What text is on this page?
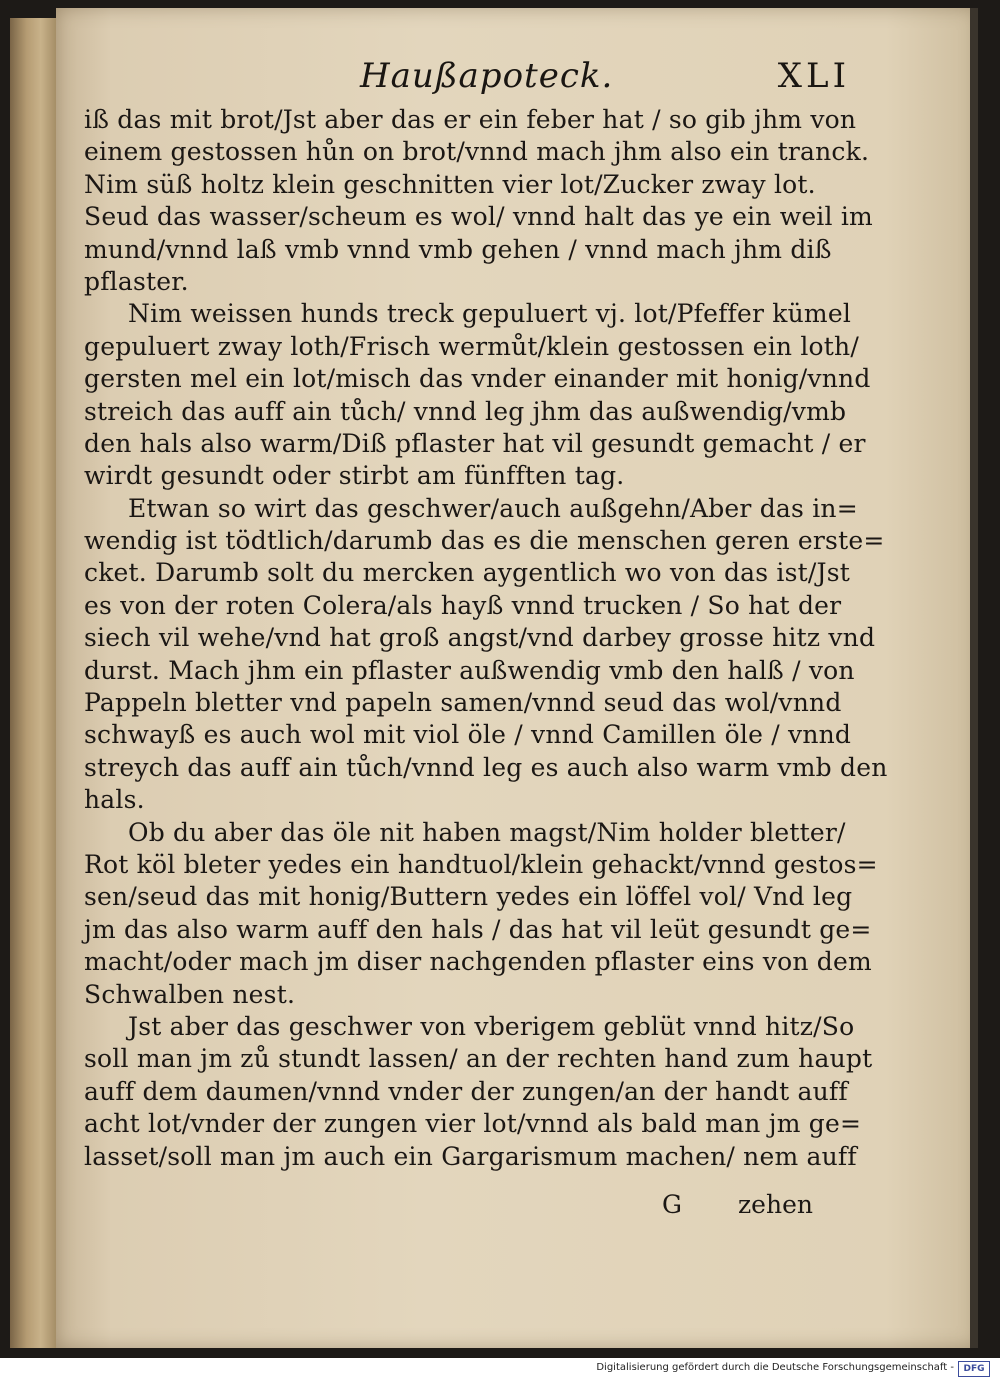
Haußapoteck.	XLI
iß das mit brot/Jst aber das er ein feber hat / so gib jhm von
einem gestossen hůn on brot/vnnd mach jhm also ein tranck.
Nim süß holtz klein geschnitten vier lot/Zucker zway lot.
Seud das wasser/scheum es wol/ vnnd halt das ye ein weil im
mund/vnnd laß vmb vnnd vmb gehen / vnnd mach jhm diß
pflaster.
Nim weissen hunds treck gepuluert vj. lot/Pfeffer kümel
gepuluert zway loth/Frisch wermůt/klein gestossen ein loth/
gersten mel ein lot/misch das vnder einander mit honig/vnnd
streich das auff ain tůch/ vnnd leg jhm das außwendig/vmb
den hals also warm/Diß pflaster hat vil gesundt gemacht / er
wirdt gesundt oder stirbt am fünfften tag.
Etwan so wirt das geschwer/auch außgehn/Aber das in=
wendig ist tödtlich/darumb das es die menschen geren erste=
cket. Darumb solt du mercken aygentlich wo von das ist/Jst
es von der roten Colera/als hayß vnnd trucken / So hat der
siech vil wehe/vnd hat groß angst/vnd darbey grosse hitz vnd
durst. Mach jhm ein pflaster außwendig vmb den halß / von
Pappeln bletter vnd papeln samen/vnnd seud das wol/vnnd
schwayß es auch wol mit viol öle / vnnd Camillen öle / vnnd
streych das auff ain tůch/vnnd leg es auch also warm vmb den
hals.
Ob du aber das öle nit haben magst/Nim holder bletter/
Rot köl bleter yedes ein handtuol/klein gehackt/vnnd gestos=
sen/seud das mit honig/Buttern yedes ein löffel vol/ Vnd leg
jm das also warm auff den hals / das hat vil leüt gesundt ge=
macht/oder mach jm diser nachgenden pflaster eins von dem
Schwalben nest.
Jst aber das geschwer von vberigem geblüt vnnd hitz/So
soll man jm zů stundt lassen/ an der rechten hand zum haupt
auff dem daumen/vnnd vnder der zungen/an der handt auff
acht lot/vnder der zungen vier lot/vnnd als bald man jm ge=
lasset/soll man jm auch ein Gargarismum machen/ nem auff
G zehen
Digitalisierung gefördert durch die Deutsche Forschungsgemeinschaft -	DFG
